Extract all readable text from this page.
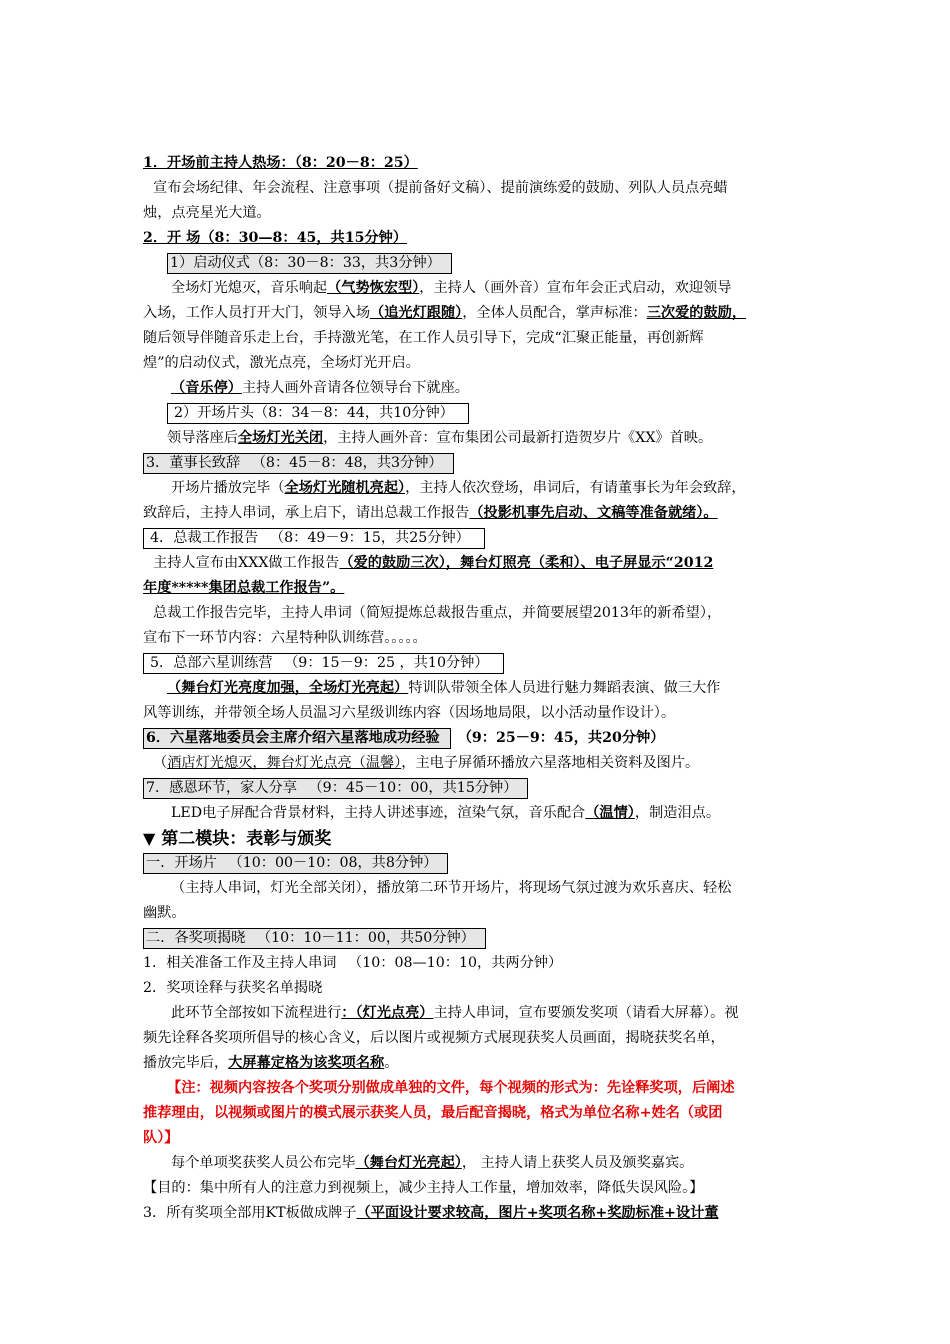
1．开场前主持人热场：（8：20－8：25）
宣布会场纪律、年会流程、注意事项（提前备好文稿）、提前演练爱的鼓励、列队人员点亮蜡
烛，点亮星光大道。
2．开 场（8：30—8：45，共15分钟）
1）启动仪式（8：30－8：33，共3分钟）
全场灯光熄灭，音乐响起（气势恢宏型），主持人（画外音）宣布年会正式启动，欢迎领导
入场，工作人员打开大门，领导入场（追光灯跟随），全体人员配合，掌声标准：三次爱的鼓励，
随后领导伴随音乐走上台，手持激光笔，在工作人员引导下，完成“汇聚正能量，再创新辉
煌”的启动仪式，激光点亮，全场灯光开启。
（音乐停）主持人画外音请各位领导台下就座。
2）开场片头（8：34－8：44，共10分钟）
领导落座后全场灯光关闭，主持人画外音：宣布集团公司最新打造贺岁片《XX》首映。
3．董事长致辞 　（8：45－8：48，共3分钟）
开场片播放完毕（全场灯光随机亮起），主持人依次登场，串词后，有请董事长为年会致辞，
致辞后，主持人串词，承上启下，请出总裁工作报告（投影机事先启动、文稿等准备就绪）。
4．总裁工作报告 　（8：49－9：15，共25分钟）
主持人宣布由XXX做工作报告（爱的鼓励三次），舞台灯照亮（柔和）、电子屏显示“2012
年度*****集团总裁工作报告”。
总裁工作报告完毕，主持人串词（简短提炼总裁报告重点，并简要展望2013年的新希望），
宣布下一环节内容：六星特种队训练营。。。。。
5．总部六星训练营 　（9：15－9：25 ，共10分钟）
（舞台灯光亮度加强，全场灯光亮起）特训队带领全体人员进行魅力舞蹈表演、做三大作
风等训练，并带领全场人员温习六星级训练内容（因场地局限，以小活动量作设计）。
6．六星落地委员会主席介绍六星落地成功经验　 （9：25－9：45，共20分钟）
（酒店灯光熄灭，舞台灯光点亮（温馨），主电子屏循环播放六星落地相关资料及图片。
7．感恩环节，家人分享 　（9：45－10：00，共15分钟）
LED电子屏配合背景材料，主持人讲述事迹，渲染气氛，音乐配合（温情），制造泪点。
▼ 第二模块：表彰与颁奖
一．开场片 　（10：00－10：08，共8分钟）
（主持人串词，灯光全部关闭），播放第二环节开场片，将现场气氛过渡为欢乐喜庆、轻松
幽默。
二．各奖项揭晓 　（10：10－11：00，共50分钟）
1．相关准备工作及主持人串词 　（10：08—10：10，共两分钟）
2．奖项诠释与获奖名单揭晓
此环节全部按如下流程进行：（灯光点亮）主持人串词，宣布要颁发奖项（请看大屏幕）。视
频先诠释各奖项所倡导的核心含义，后以图片或视频方式展现获奖人员画面，揭晓获奖名单，
播放完毕后，大屏幕定格为该奖项名称。
【注：视频内容按各个奖项分别做成单独的文件，每个视频的形式为：先诠释奖项，后阐述
推荐理由，以视频或图片的模式展示获奖人员，最后配音揭晓，格式为单位名称+姓名（或团
队）】
每个单项奖获奖人员公布完毕（舞台灯光亮起）， 主持人请上获奖人员及颁奖嘉宾。
【目的：集中所有人的注意力到视频上，减少主持人工作量，增加效率，降低失误风险。】
3．所有奖项全部用KT板做成牌子（平面设计要求较高，图片+奖项名称+奖励标准+设计董
